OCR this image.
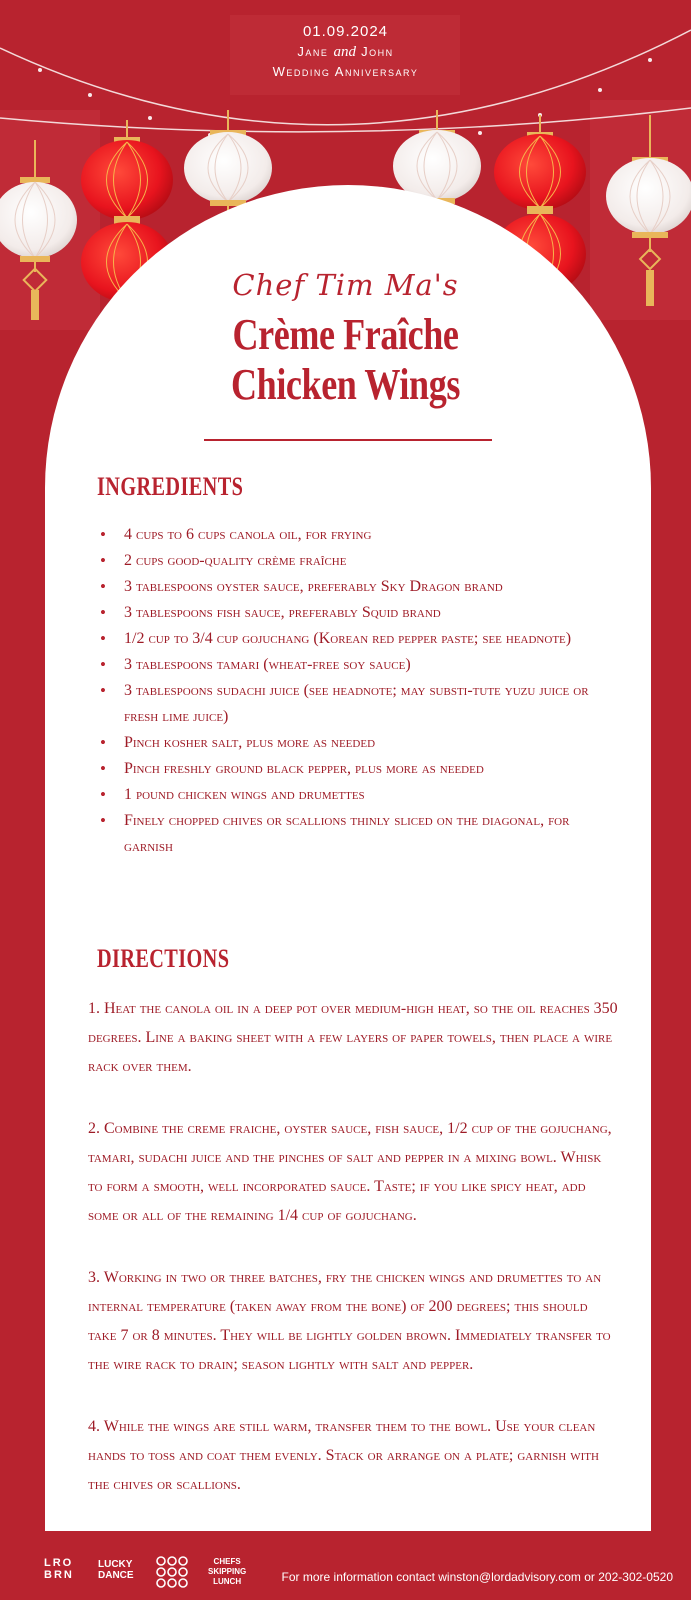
01.09.2024
Jane and John
Wedding Anniversary
Chef Tim Ma's
Crème Fraîche
Chicken Wings
INGREDIENTS
• 4 cups to 6 cups canola oil, for frying
• 2 cups good-quality crème fraîche
• 3 tablespoons oyster sauce, preferably Sky Dragon brand
• 3 tablespoons fish sauce, preferably Squid brand
• 1/2 cup to 3/4 cup gojuchang (Korean red pepper paste; see headnote)
• 3 tablespoons tamari (wheat-free soy sauce)
• 3 tablespoons sudachi juice (see headnote; may substi-tute yuzu juice or fresh lime juice)
• Pinch kosher salt, plus more as needed
• Pinch freshly ground black pepper, plus more as needed
• 1 pound chicken wings and drumettes
• Finely chopped chives or scallions thinly sliced on the diagonal, for garnish
DIRECTIONS

1. Heat the canola oil in a deep pot over medium-high heat, so the oil reaches 350 degrees. Line a baking sheet with a few layers of paper towels, then place a wire rack over them.

2. Combine the creme fraiche, oyster sauce, fish sauce, 1/2 cup of the gojuchang, tamari, sudachi juice and the pinches of salt and pepper in a mixing bowl. Whisk to form a smooth, well incorporated sauce. Taste; if you like spicy heat, add some or all of the remaining 1/4 cup of gojuchang.

3. Working in two or three batches, fry the chicken wings and drumettes to an internal temperature (taken away from the bone) of 200 degrees; this should take 7 or 8 minutes. They will be lightly golden brown. Immediately transfer to the wire rack to drain; season lightly with salt and pepper.

4. While the wings are still warm, transfer them to the bowl. Use your clean hands to toss and coat them evenly. Stack or arrange on a plate; garnish with the chives or scallions.

LRO
BRN
LUCKY
DANCE
CHEFS
SKIPPING
LUNCH	For more information contact winston@lordadvisory.com or 202-302-0520
